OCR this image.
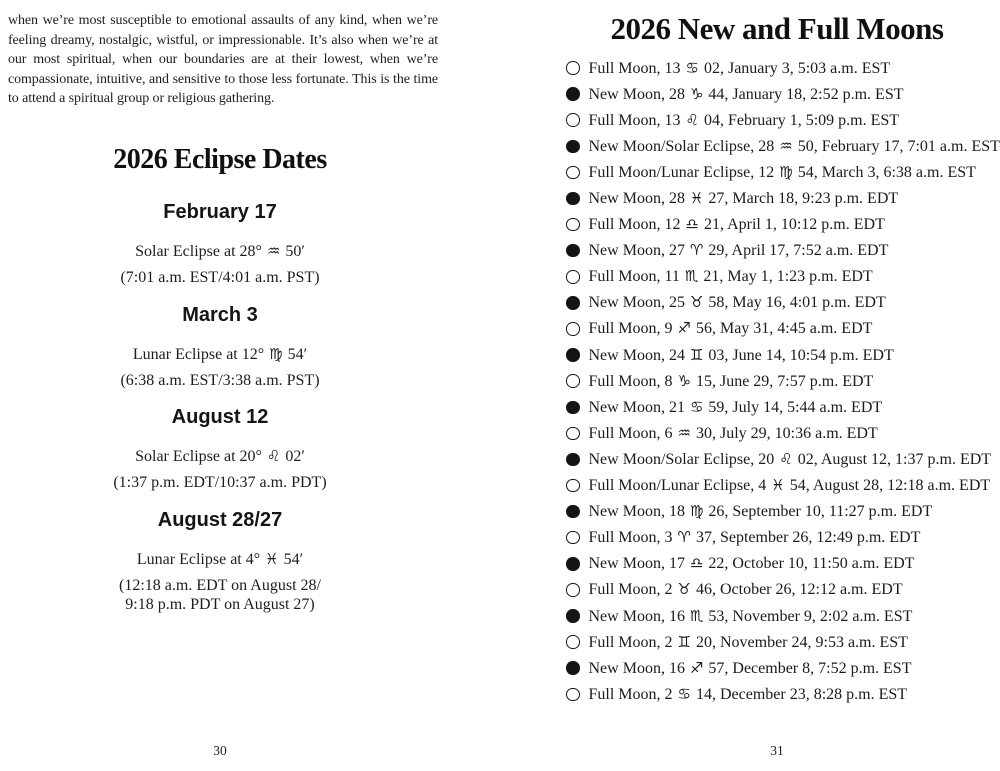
when we’re most susceptible to emotional assaults of any kind, when we’re feeling dreamy, nostalgic, wistful, or impressionable. It’s also when we’re at our most spiritual, when our boundaries are at their lowest, when we’re compassionate, intuitive, and sensitive to those less fortunate. This is the time to attend a spiritual group or religious gathering.

2026 Eclipse Dates
February 17

Solar Eclipse at 28° ♒ 50′

(7:01 a.m. EST/4:01 a.m. PST)
March 3

Lunar Eclipse at 12° ♍ 54′

(6:38 a.m. EST/3:38 a.m. PST)
August 12

Solar Eclipse at 20° ♌ 02′

(1:37 p.m. EDT/10:37 a.m. PDT)
August 28/27

Lunar Eclipse at 4° ♓ 54′

(12:18 a.m. EDT on August 28/
9:18 p.m. PDT on August 27)
30
2026 New and Full Moons
Full Moon, 13 ♋ 02, January 3, 5:03 a.m. EST
New Moon, 28 ♑ 44, January 18, 2:52 p.m. EST
Full Moon, 13 ♌ 04, February 1, 5:09 p.m. EST
New Moon/Solar Eclipse, 28 ♒ 50, February 17, 7:01 a.m. EST
Full Moon/Lunar Eclipse, 12 ♍ 54, March 3, 6:38 a.m. EST
New Moon, 28 ♓ 27, March 18, 9:23 p.m. EDT
Full Moon, 12 ♎ 21, April 1, 10:12 p.m. EDT
New Moon, 27 ♈ 29, April 17, 7:52 a.m. EDT
Full Moon, 11 ♏ 21, May 1, 1:23 p.m. EDT
New Moon, 25 ♉ 58, May 16, 4:01 p.m. EDT
Full Moon, 9 ♐ 56, May 31, 4:45 a.m. EDT
New Moon, 24 ♊ 03, June 14, 10:54 p.m. EDT
Full Moon, 8 ♑ 15, June 29, 7:57 p.m. EDT
New Moon, 21 ♋ 59, July 14, 5:44 a.m. EDT
Full Moon, 6 ♒ 30, July 29, 10:36 a.m. EDT
New Moon/Solar Eclipse, 20 ♌ 02, August 12, 1:37 p.m. EDT
Full Moon/Lunar Eclipse, 4 ♓ 54, August 28, 12:18 a.m. EDT
New Moon, 18 ♍ 26, September 10, 11:27 p.m. EDT
Full Moon, 3 ♈ 37, September 26, 12:49 p.m. EDT
New Moon, 17 ♎ 22, October 10, 11:50 a.m. EDT
Full Moon, 2 ♉ 46, October 26, 12:12 a.m. EDT
New Moon, 16 ♏ 53, November 9, 2:02 a.m. EST
Full Moon, 2 ♊ 20, November 24, 9:53 a.m. EST
New Moon, 16 ♐ 57, December 8, 7:52 p.m. EST
Full Moon, 2 ♋ 14, December 23, 8:28 p.m. EST
31
